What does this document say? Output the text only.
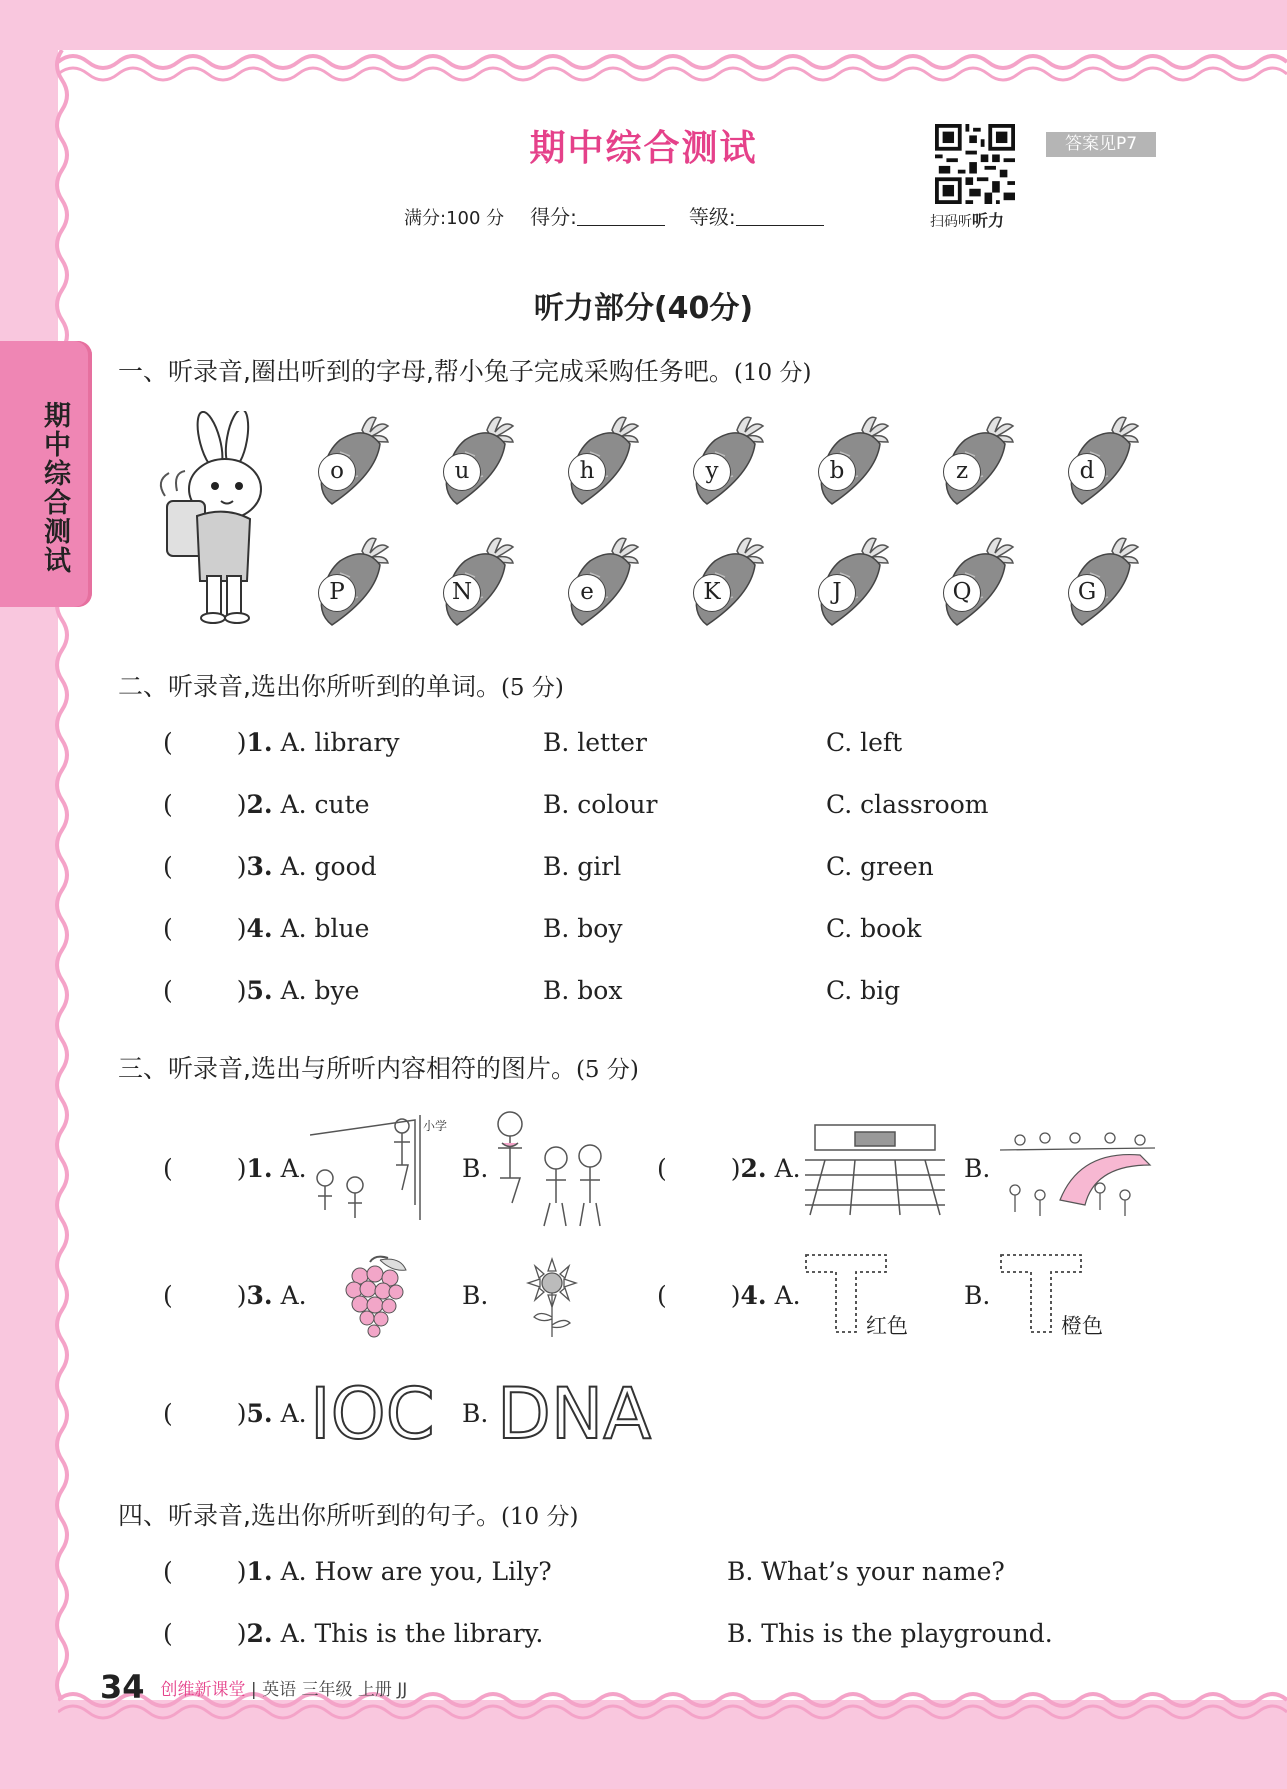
期中综合测试
期中综合测试
满分:100 分 得分:	等级:	扫码听听力
答案见P7
听力部分(40分)
一、听录音,圈出听到的字母,帮小兔子完成采购任务吧。(10 分)
o	u	h	y	b	z	d
P	N	e	K	J	Q	G
二、听录音,选出你所听到的单词。(5 分)
(	)1. A. library	B. letter	C. left
(	)2. A. cute	B. colour	C. classroom
(	)3. A. good	B. girl	C. green
(	)4. A. blue	B. boy	C. book
(	)5. A. bye	B. box	C. big
三、听录音,选出与所听内容相符的图片。(5 分)
(	)1. A.	B.	(	)2. A.	B.
(	)3. A.	B.	(	)4. A.	B.
(	)5. A.	B.
小学
红色	橙色
IOC DNA
四、听录音,选出你所听到的句子。(10 分)
(	)1. A. How are you, Lily?	B. What’s your name?
(	)2. A. This is the library.	B. This is the playground.
34 创维新课堂 | 英语 三年级 上册 JJ
